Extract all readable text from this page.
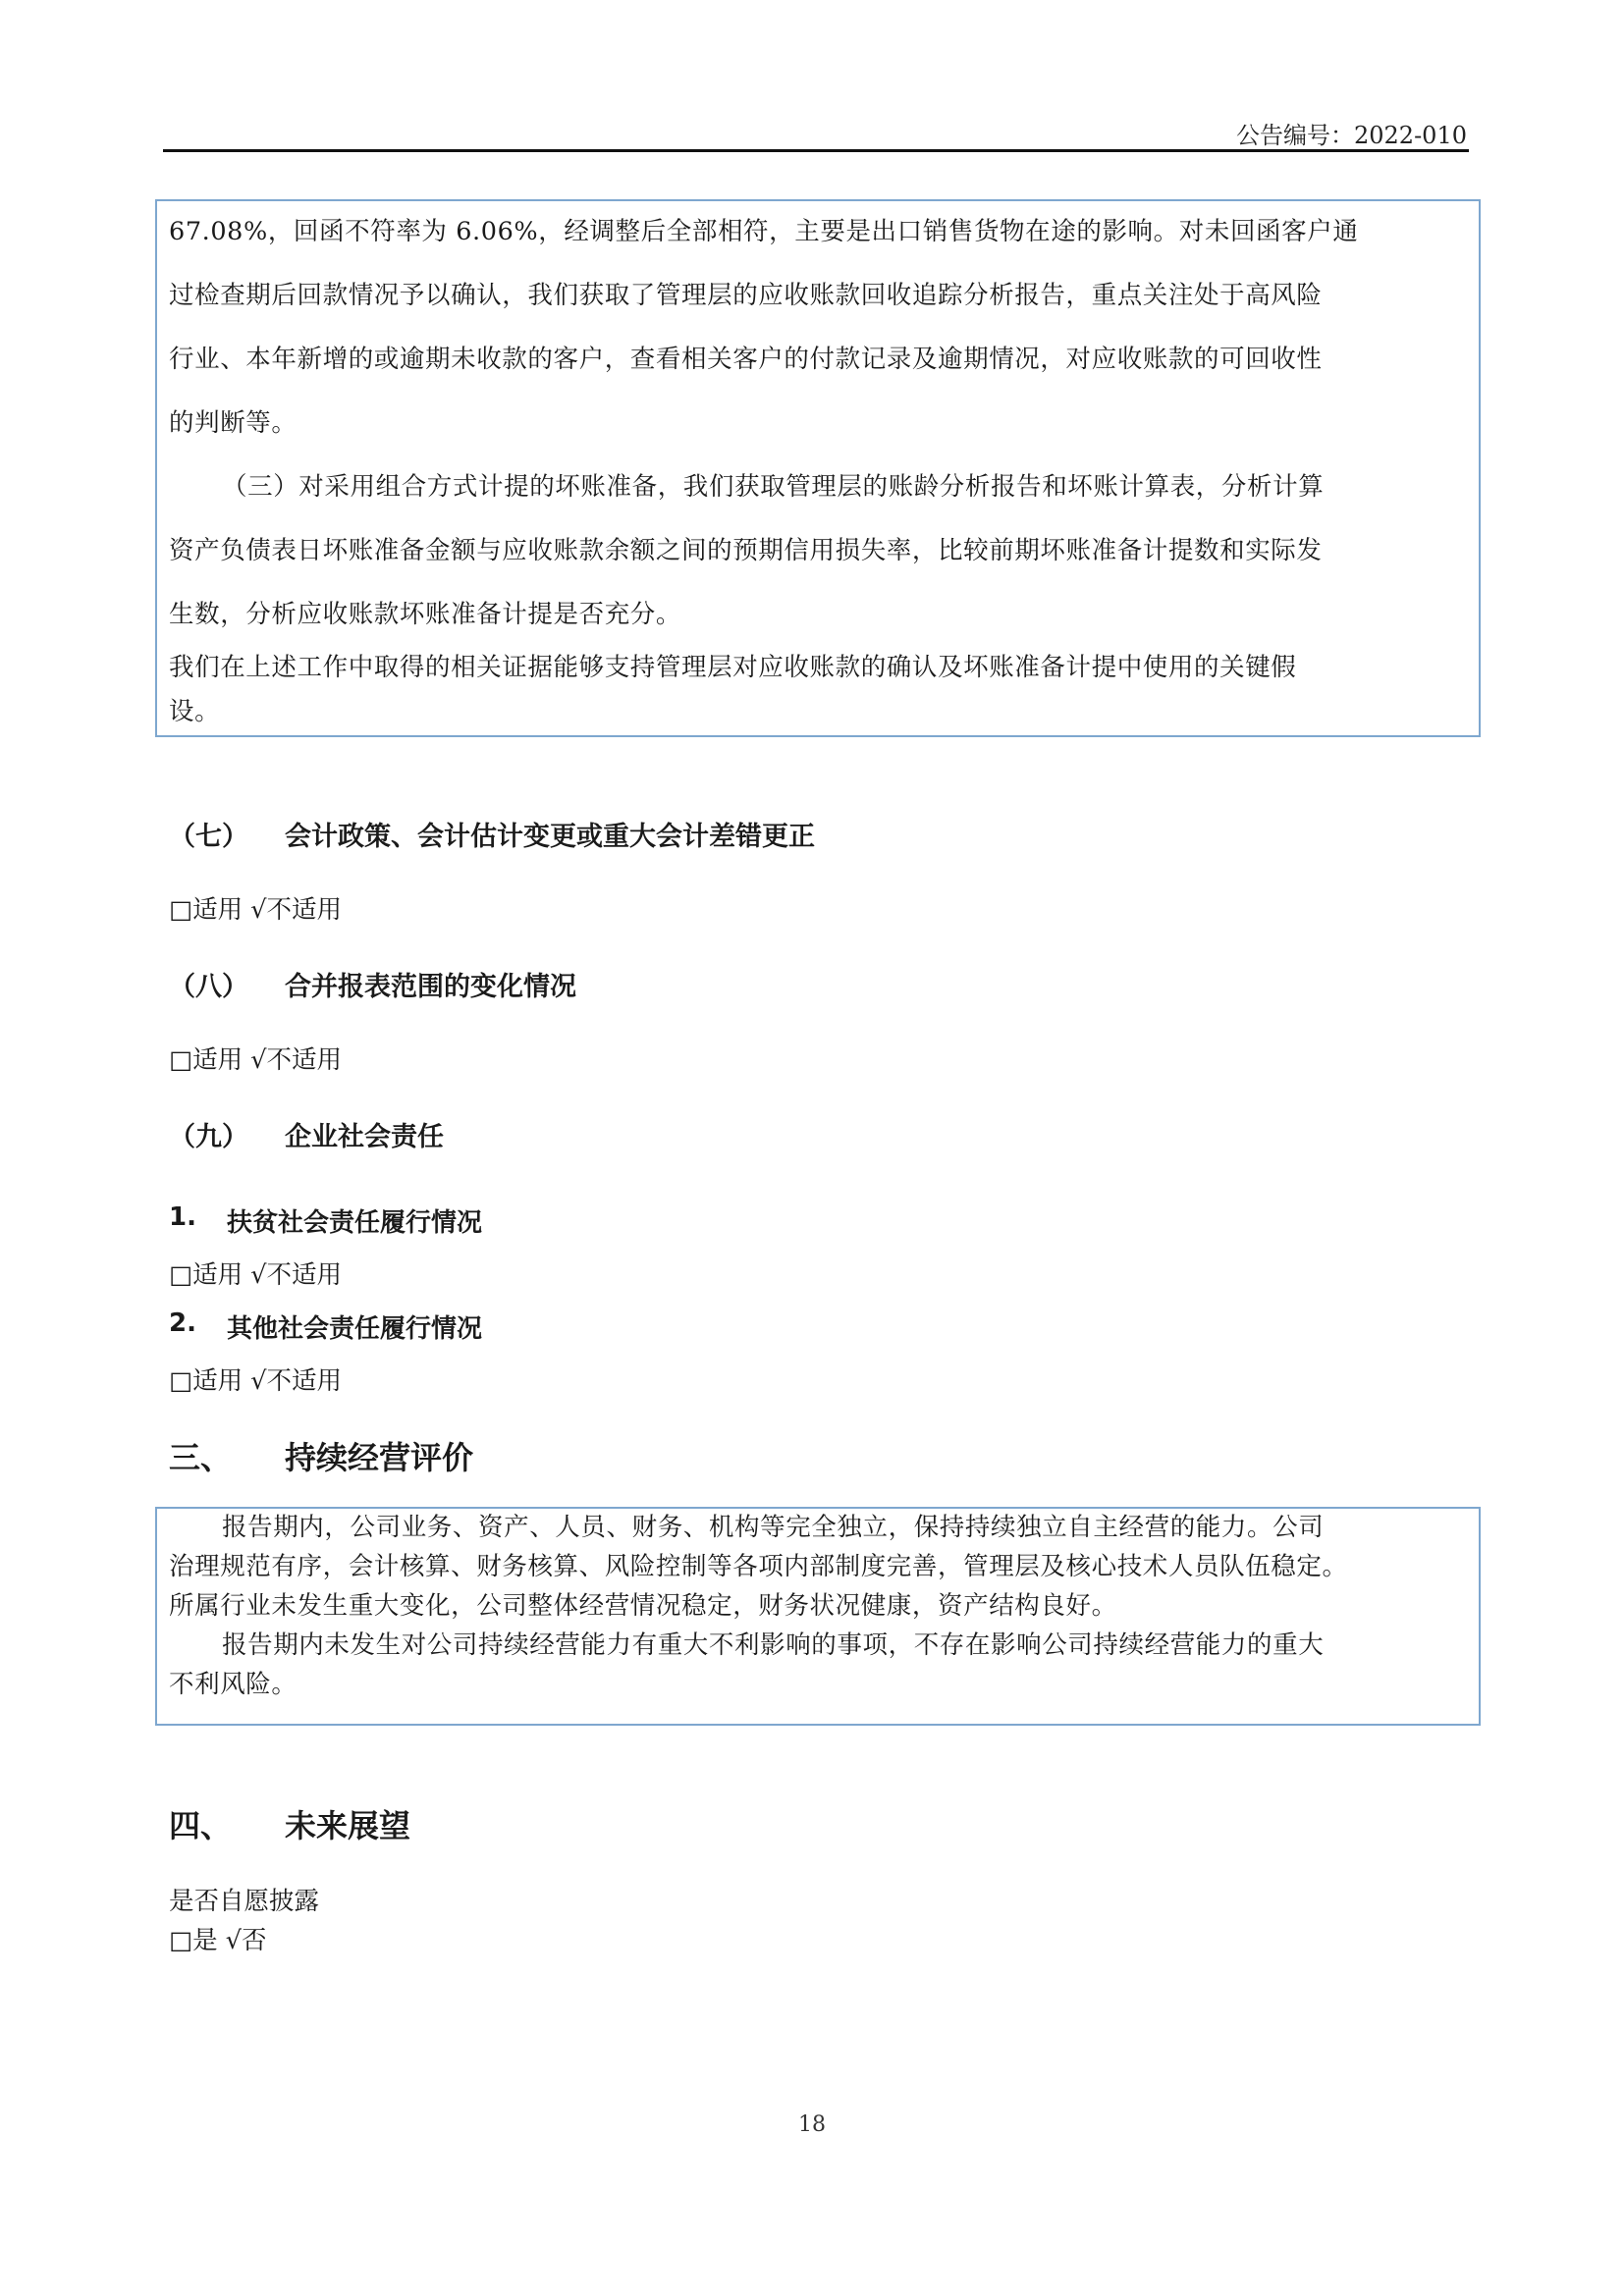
公告编号：2022-010
67.08%，回函不符率为 6.06%，经调整后全部相符，主要是出口销售货物在途的影响。对未回函客户通
过检查期后回款情况予以确认，我们获取了管理层的应收账款回收追踪分析报告，重点关注处于高风险
行业、本年新增的或逾期未收款的客户，查看相关客户的付款记录及逾期情况，对应收账款的可回收性
的判断等。
（三）对采用组合方式计提的坏账准备，我们获取管理层的账龄分析报告和坏账计算表，分析计算
资产负债表日坏账准备金额与应收账款余额之间的预期信用损失率，比较前期坏账准备计提数和实际发
生数，分析应收账款坏账准备计提是否充分。
我们在上述工作中取得的相关证据能够支持管理层对应收账款的确认及坏账准备计提中使用的关键假
设。
（七） 会计政策、会计估计变更或重大会计差错更正
□适用 √不适用
（八） 合并报表范围的变化情况
□适用 √不适用
（九） 企业社会责任
1. 扶贫社会责任履行情况
□适用 √不适用
2. 其他社会责任履行情况
□适用 √不适用
三、 持续经营评价
报告期内，公司业务、资产、人员、财务、机构等完全独立，保持持续独立自主经营的能力。公司
治理规范有序，会计核算、财务核算、风险控制等各项内部制度完善，管理层及核心技术人员队伍稳定。
所属行业未发生重大变化，公司整体经营情况稳定，财务状况健康，资产结构良好。
报告期内未发生对公司持续经营能力有重大不利影响的事项，不存在影响公司持续经营能力的重大
不利风险。
四、 未来展望
是否自愿披露
□是 √否
18
